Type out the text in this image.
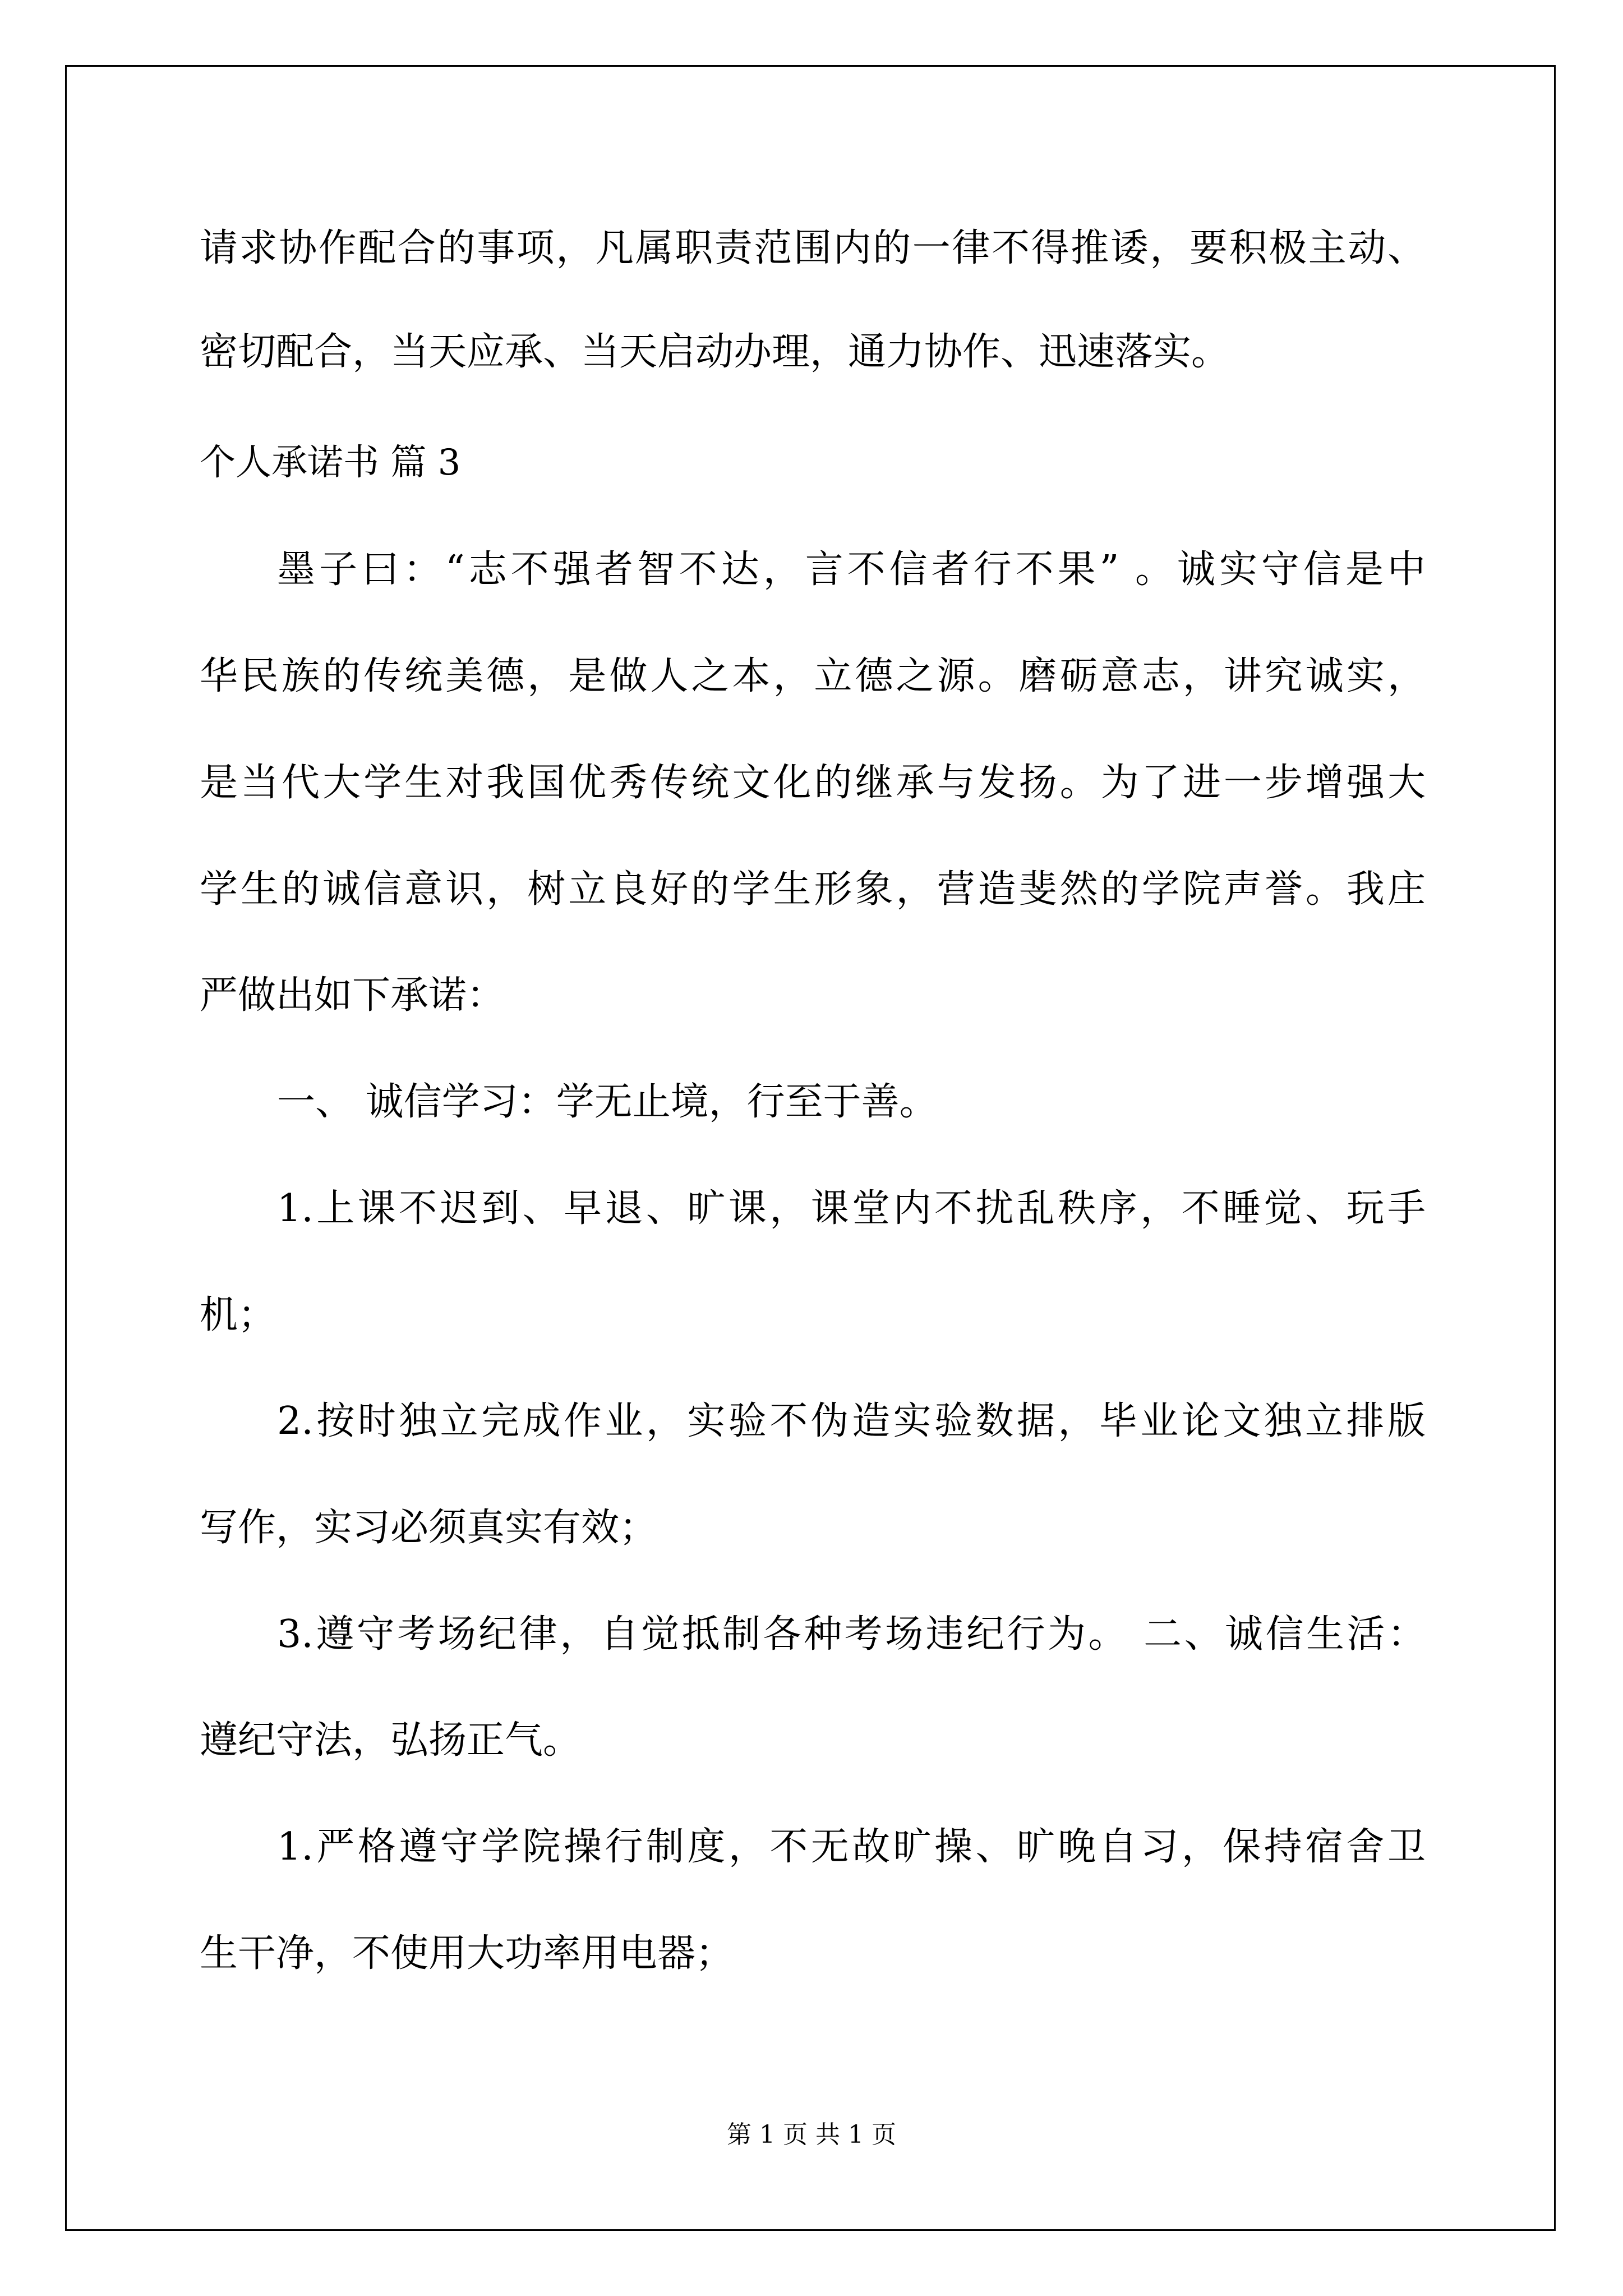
请求协作配合的事项，凡属职责范围内的一律不得推诿，要积极主动、

密切配合，当天应承、当天启动办理，通力协作、迅速落实。

个人承诺书 篇 3

墨子曰：“志不强者智不达，言不信者行不果” 。诚实守信是中

华民族的传统美德，是做人之本，立德之源。磨砺意志，讲究诚实，

是当代大学生对我国优秀传统文化的继承与发扬。为了进一步增强大

学生的诚信意识，树立良好的学生形象，营造斐然的学院声誉。我庄

严做出如下承诺：

一、 诚信学习：学无止境，行至于善。

1.上课不迟到、早退、旷课，课堂内不扰乱秩序，不睡觉、玩手

机；

2.按时独立完成作业，实验不伪造实验数据，毕业论文独立排版

写作，实习必须真实有效；

3.遵守考场纪律，自觉抵制各种考场违纪行为。 二、诚信生活：

遵纪守法，弘扬正气。

1.严格遵守学院操行制度，不无故旷操、旷晚自习，保持宿舍卫

生干净，不使用大功率用电器；

第 1 页 共 1 页
